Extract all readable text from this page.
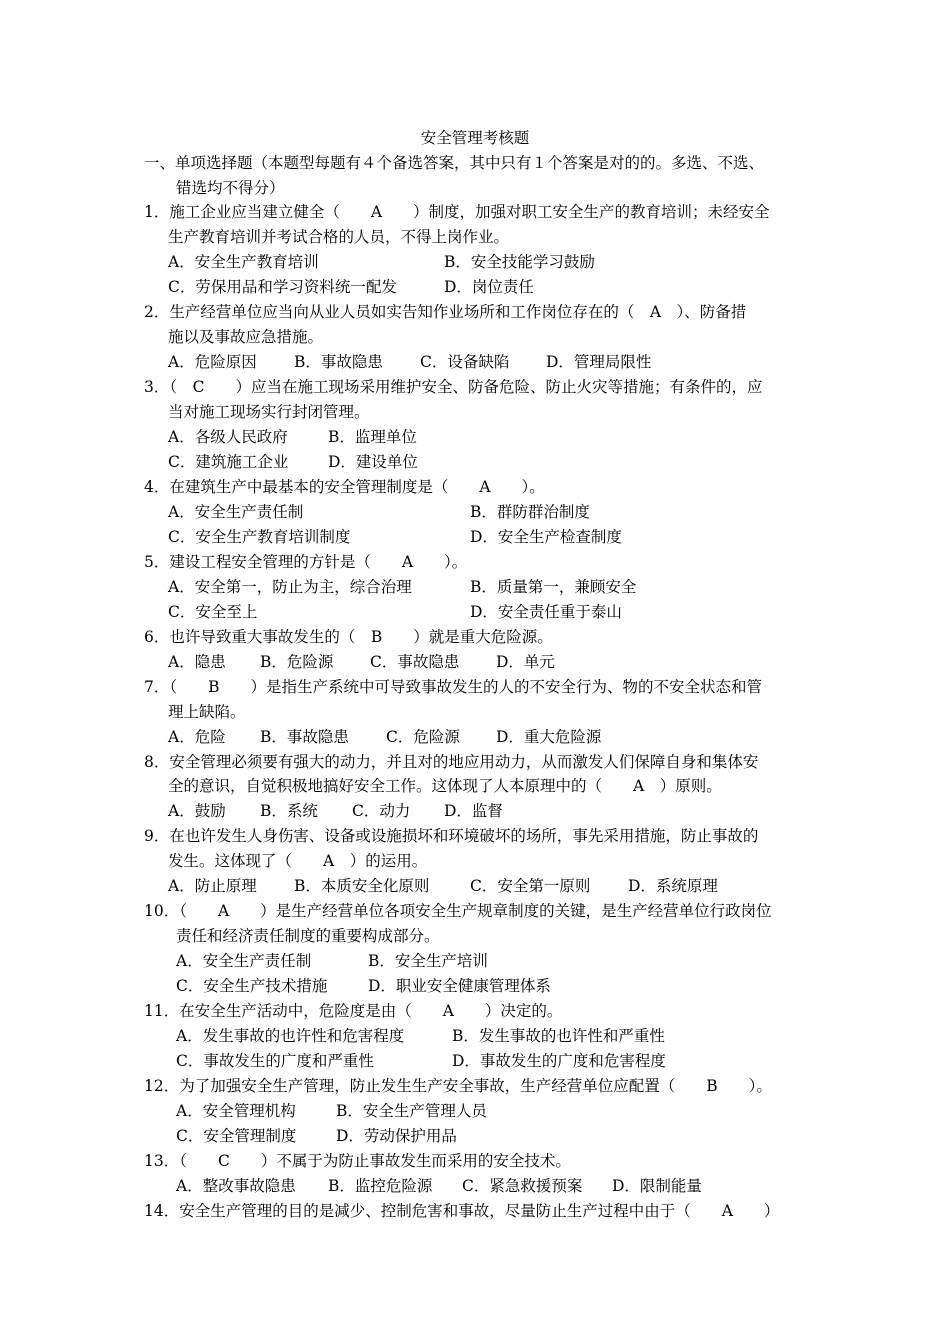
安全管理考核题
一、单项选择题（本题型每题有４个备选答案，其中只有１个答案是对的的。多选、不选、
错选均不得分）
1．施工企业应当建立健全（　　A　　）制度，加强对职工安全生产的教育培训；未经安全
生产教育培训并考试合格的人员，不得上岗作业。
A．安全生产教育培训	B．安全技能学习鼓励
C．劳保用品和学习资料统一配发	D．岗位责任
2．生产经营单位应当向从业人员如实告知作业场所和工作岗位存在的（　A　）、防备措
施以及事故应急措施。
A．危险原因 B．事故隐患 C．设备缺陷 D．管理局限性
3．（　C　　）应当在施工现场采用维护安全、防备危险、防止火灾等措施；有条件的，应
当对施工现场实行封闭管理。
A．各级人民政府	B．监理单位
C．建筑施工企业	D．建设单位
4．在建筑生产中最基本的安全管理制度是（　　A　　）。
A．安全生产责任制	B．群防群治制度
C．安全生产教育培训制度	D．安全生产检查制度
5．建设工程安全管理的方针是（　　A　　）。
A．安全第一，防止为主，综合治理	B．质量第一，兼顾安全
C．安全至上	D．安全责任重于泰山
6．也许导致重大事故发生的（　B　　）就是重大危险源。
A．隐患 B．危险源 C．事故隐患 D．单元
7．（　　B　　）是指生产系统中可导致事故发生的人的不安全行为、物的不安全状态和管
理上缺陷。
A．危险 B．事故隐患 C．危险源 D．重大危险源
8．安全管理必须要有强大的动力，并且对的地应用动力，从而激发人们保障自身和集体安
全的意识，自觉积极地搞好安全工作。这体现了人本原理中的（　　A　）原则。
A．鼓励 B．系统 C．动力 D．监督
9．在也许发生人身伤害、设备或设施损坏和环境破坏的场所，事先采用措施，防止事故的
发生。这体现了（　　A　）的运用。
A．防止原理 B．本质安全化原则	C．安全第一原则 D．系统原理
10．（　　A　　）是生产经营单位各项安全生产规章制度的关键，是生产经营单位行政岗位
责任和经济责任制度的重要构成部分。
A．安全生产责任制	B．安全生产培训
C．安全生产技术措施	D．职业安全健康管理体系
11．在安全生产活动中，危险度是由（　　A　　）决定的。
A．发生事故的也许性和危害程度	B．发生事故的也许性和严重性
C．事故发生的广度和严重性	D．事故发生的广度和危害程度
12．为了加强安全生产管理，防止发生生产安全事故，生产经营单位应配置（　　B　　）。
A．安全管理机构	B．安全生产管理人员
C．安全管理制度	D．劳动保护用品
13．（　　C　　）不属于为防止事故发生而采用的安全技术。
A．整改事故隐患 B．监控危险源 C．紧急救援预案 D．限制能量
14．安全生产管理的目的是减少、控制危害和事故，尽量防止生产过程中由于（　　A　　）
